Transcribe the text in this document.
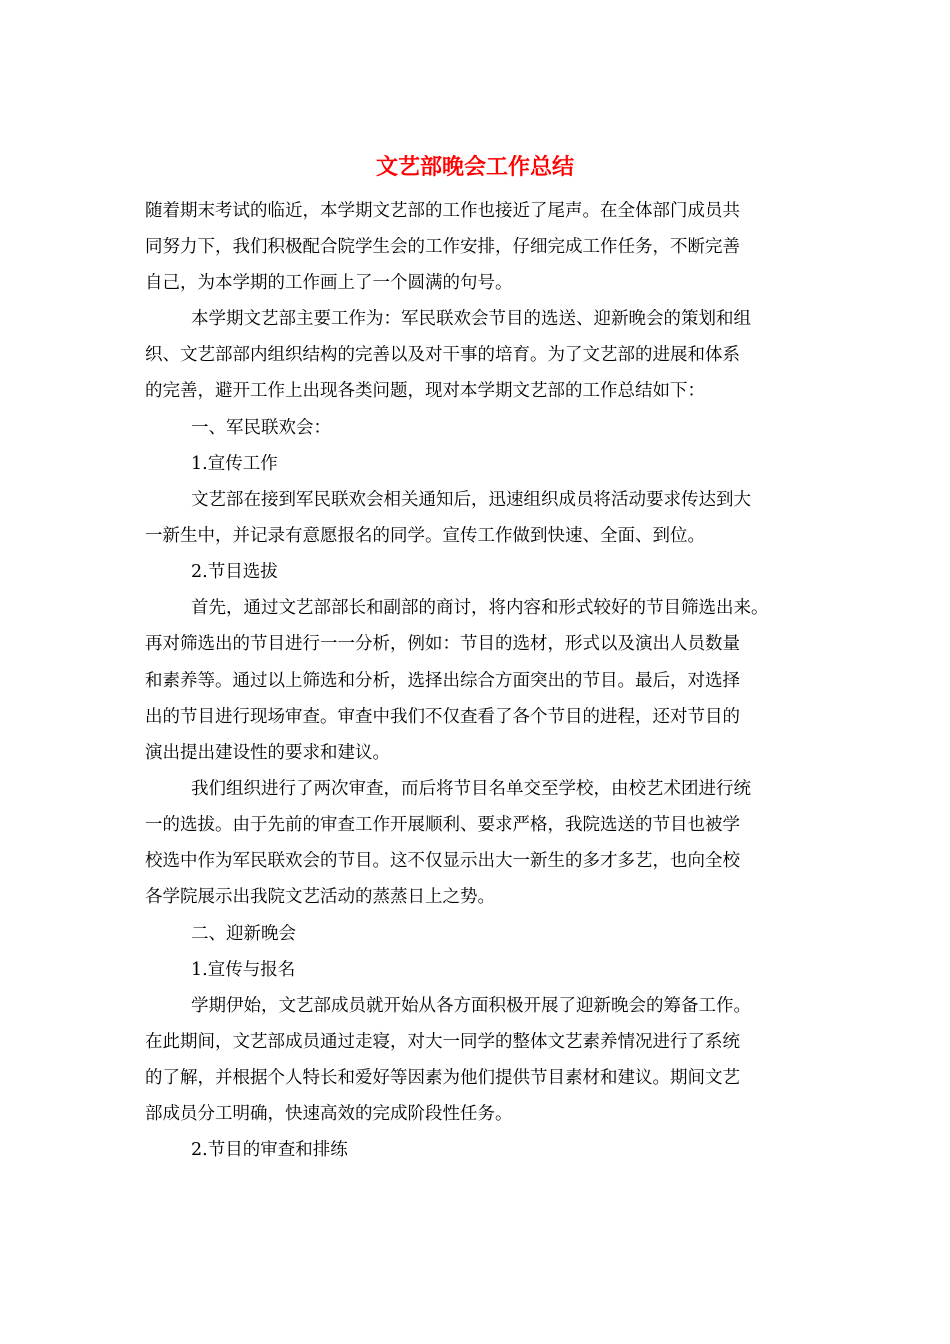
文艺部晚会工作总结
随着期末考试的临近，本学期文艺部的工作也接近了尾声。在全体部门成员共
同努力下，我们积极配合院学生会的工作安排，仔细完成工作任务，不断完善
自己，为本学期的工作画上了一个圆满的句号。
本学期文艺部主要工作为：军民联欢会节目的选送、迎新晚会的策划和组
织、文艺部部内组织结构的完善以及对干事的培育。为了文艺部的进展和体系
的完善，避开工作上出现各类问题，现对本学期文艺部的工作总结如下：
一、军民联欢会：
1.宣传工作
文艺部在接到军民联欢会相关通知后，迅速组织成员将活动要求传达到大
一新生中，并记录有意愿报名的同学。宣传工作做到快速、全面、到位。
2.节目选拔
首先，通过文艺部部长和副部的商讨，将内容和形式较好的节目筛选出来。
再对筛选出的节目进行一一分析，例如：节目的选材，形式以及演出人员数量
和素养等。通过以上筛选和分析，选择出综合方面突出的节目。最后，对选择
出的节目进行现场审查。审查中我们不仅查看了各个节目的进程，还对节目的
演出提出建设性的要求和建议。
我们组织进行了两次审查，而后将节目名单交至学校，由校艺术团进行统
一的选拔。由于先前的审查工作开展顺利、要求严格，我院选送的节目也被学
校选中作为军民联欢会的节目。这不仅显示出大一新生的多才多艺，也向全校
各学院展示出我院文艺活动的蒸蒸日上之势。
二、迎新晚会
1.宣传与报名
学期伊始，文艺部成员就开始从各方面积极开展了迎新晚会的筹备工作。
在此期间，文艺部成员通过走寝，对大一同学的整体文艺素养情况进行了系统
的了解，并根据个人特长和爱好等因素为他们提供节目素材和建议。期间文艺
部成员分工明确，快速高效的完成阶段性任务。
2.节目的审查和排练
